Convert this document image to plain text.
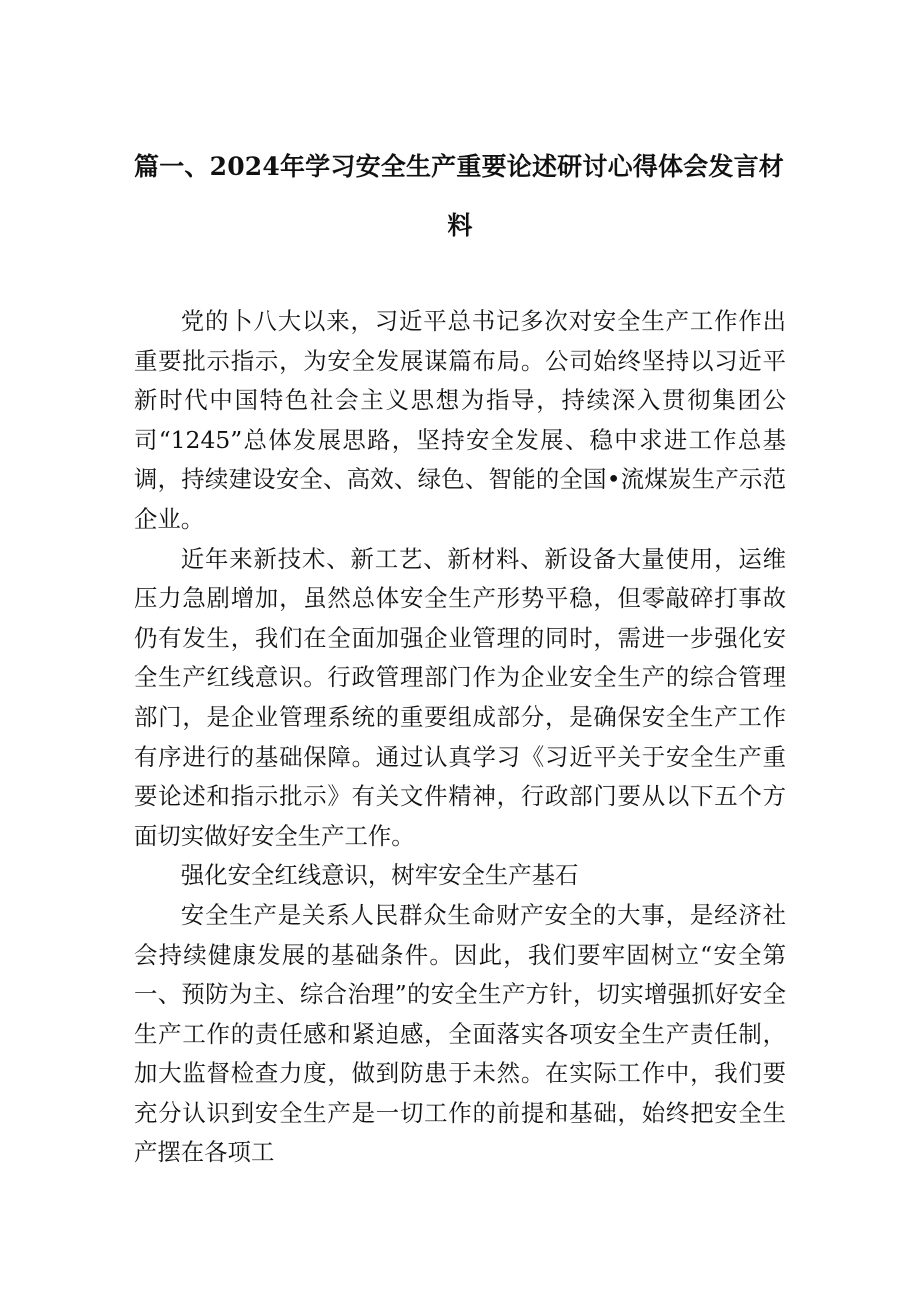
篇一、2024年学习安全生产重要论述研讨心得体会发言材
料

党的卜八大以来，习近平总书记多次对安全生产工作作出重要批示指示，为安全发展谋篇布局。公司始终坚持以习近平新时代中国特色社会主义思想为指导，持续深入贯彻集团公司“1245”总体发展思路，坚持安全发展、稳中求进工作总基调，持续建设安全、高效、绿色、智能的全国•流煤炭生产示范企业。

近年来新技术、新工艺、新材料、新设备大量使用，运维压力急剧增加，虽然总体安全生产形势平稳，但零敲碎打事故仍有发生，我们在全面加强企业管理的同时，需进一步强化安全生产红线意识。行政管理部门作为企业安全生产的综合管理部门，是企业管理系统的重要组成部分，是确保安全生产工作有序进行的基础保障。通过认真学习《习近平关于安全生产重要论述和指示批示》有关文件精神，行政部门要从以下五个方面切实做好安全生产工作。

强化安全红线意识，树牢安全生产基石

安全生产是关系人民群众生命财产安全的大事，是经济社会持续健康发展的基础条件。因此，我们要牢固树立“安全第一、预防为主、综合治理”的安全生产方针，切实增强抓好安全生产工作的责任感和紧迫感，全面落实各项安全生产责任制，加大监督检查力度，做到防患于未然。在实际工作中，我们要充分认识到安全生产是一切工作的前提和基础，始终把安全生产摆在各项工
